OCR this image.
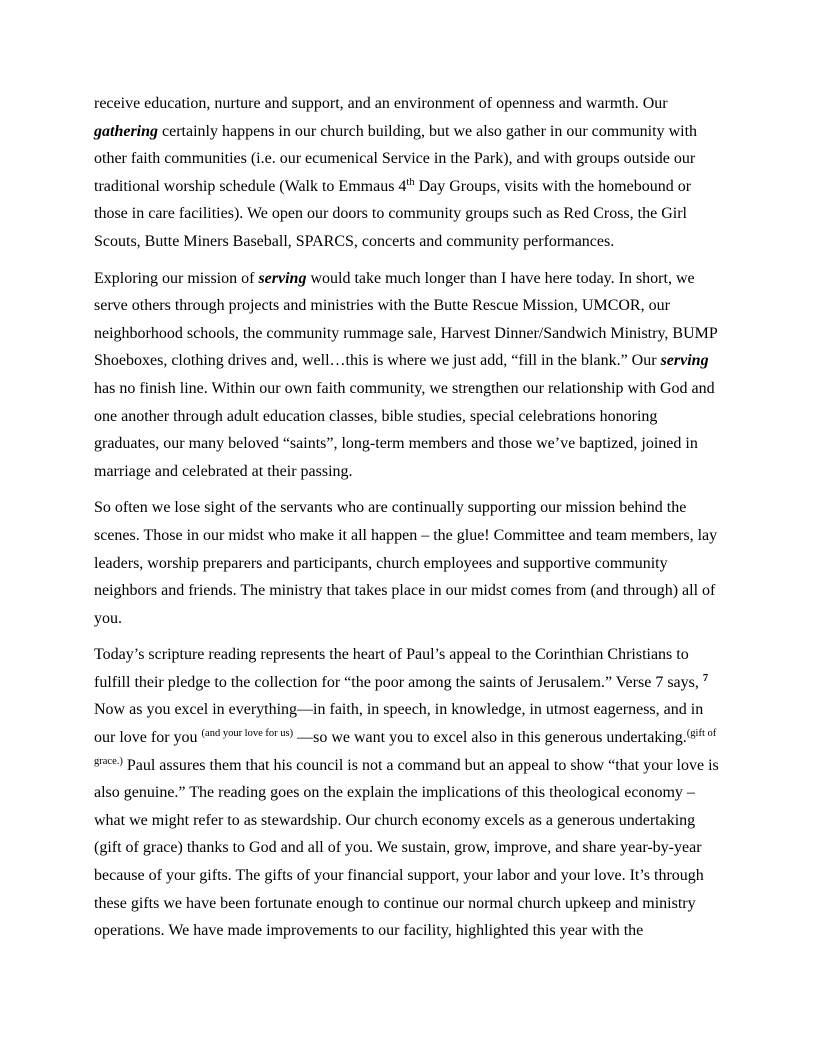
receive education, nurture and support, and an environment of openness and warmth. Our gathering certainly happens in our church building, but we also gather in our community with other faith communities (i.e. our ecumenical Service in the Park), and with groups outside our traditional worship schedule (Walk to Emmaus 4th Day Groups, visits with the homebound or those in care facilities). We open our doors to community groups such as Red Cross, the Girl Scouts, Butte Miners Baseball, SPARCS, concerts and community performances.

Exploring our mission of serving would take much longer than I have here today. In short, we serve others through projects and ministries with the Butte Rescue Mission, UMCOR, our neighborhood schools, the community rummage sale, Harvest Dinner/Sandwich Ministry, BUMP Shoeboxes, clothing drives and, well…this is where we just add, “fill in the blank.” Our serving has no finish line. Within our own faith community, we strengthen our relationship with God and one another through adult education classes, bible studies, special celebrations honoring graduates, our many beloved “saints”, long-term members and those we’ve baptized, joined in marriage and celebrated at their passing.

So often we lose sight of the servants who are continually supporting our mission behind the scenes. Those in our midst who make it all happen – the glue! Committee and team members, lay leaders, worship preparers and participants, church employees and supportive community neighbors and friends. The ministry that takes place in our midst comes from (and through) all of you.

Today’s scripture reading represents the heart of Paul’s appeal to the Corinthian Christians to fulfill their pledge to the collection for “the poor among the saints of Jerusalem.” Verse 7 says, $^7$ Now as you excel in everything—in faith, in speech, in knowledge, in utmost eagerness, and in our love for you $^{(and your love for us)}$ —so we want you to excel also in this generous undertaking.$^{(gift of grace.)}$ Paul assures them that his council is not a command but an appeal to show “that your love is also genuine.” The reading goes on the explain the implications of this theological economy – what we might refer to as stewardship. Our church economy excels as a generous undertaking (gift of grace) thanks to God and all of you. We sustain, grow, improve, and share year-by-year because of your gifts. The gifts of your financial support, your labor and your love. It’s through these gifts we have been fortunate enough to continue our normal church upkeep and ministry operations. We have made improvements to our facility, highlighted this year with the
